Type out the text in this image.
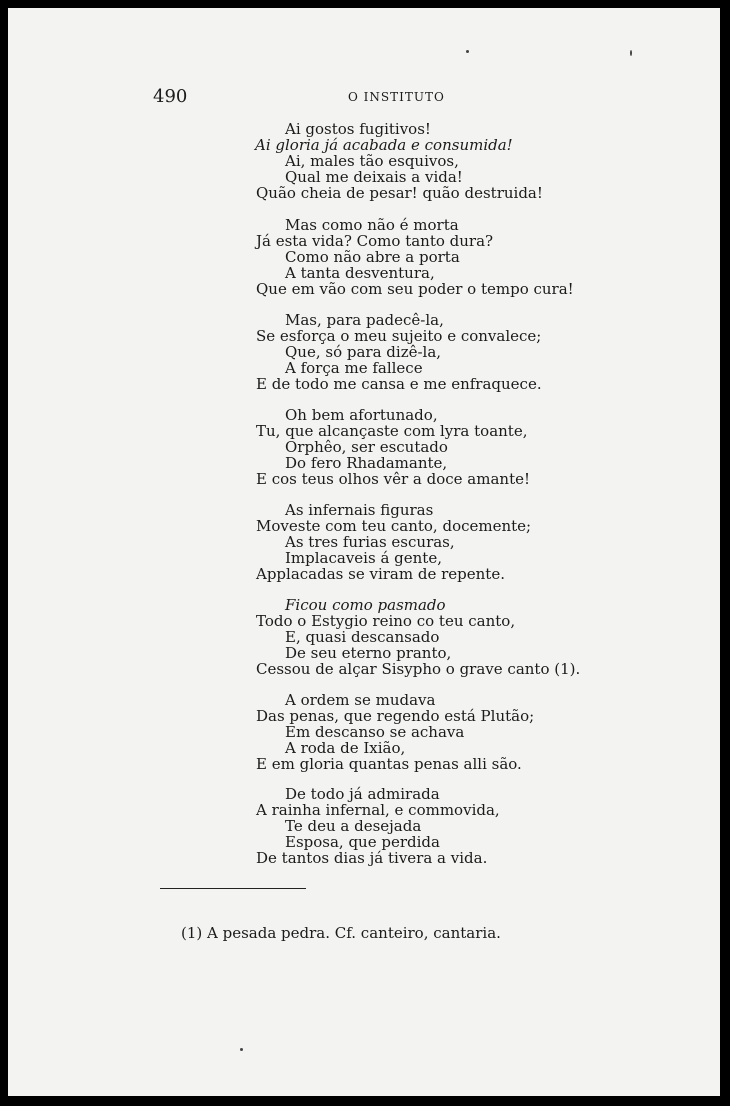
490	O INSTITUTO
Ai gostos fugitivos!
Ai gloria já acabada e consumida!
Ai, males tão esquivos,
Qual me deixais a vida!
Quão cheia de pesar! quão destruida!
Mas como não é morta
Já esta vida? Como tanto dura?
Como não abre a porta
A tanta desventura,
Que em vão com seu poder o tempo cura!
Mas, para padecê-la,
Se esforça o meu sujeito e convalece;
Que, só para dizê-la,
A força me fallece
E de todo me cansa e me enfraquece.
Oh bem afortunado,
Tu, que alcançaste com lyra toante,
Orphêo, ser escutado
Do fero Rhadamante,
E cos teus olhos vêr a doce amante!
As infernais figuras
Moveste com teu canto, docemente;
As tres furias escuras,
Implacaveis á gente,
Applacadas se viram de repente.
Ficou como pasmado
Todo o Estygio reino co teu canto,
E, quasi descansado
De seu eterno pranto,
Cessou de alçar Sisypho o grave canto (1).
A ordem se mudava
Das penas, que regendo está Plutão;
Em descanso se achava
A roda de Ixião,
E em gloria quantas penas alli são.
De todo já admirada
A rainha infernal, e commovida,
Te deu a desejada
Esposa, que perdida
De tantos dias já tivera a vida.
(1) A pesada pedra. Cf. canteiro, cantaria.
